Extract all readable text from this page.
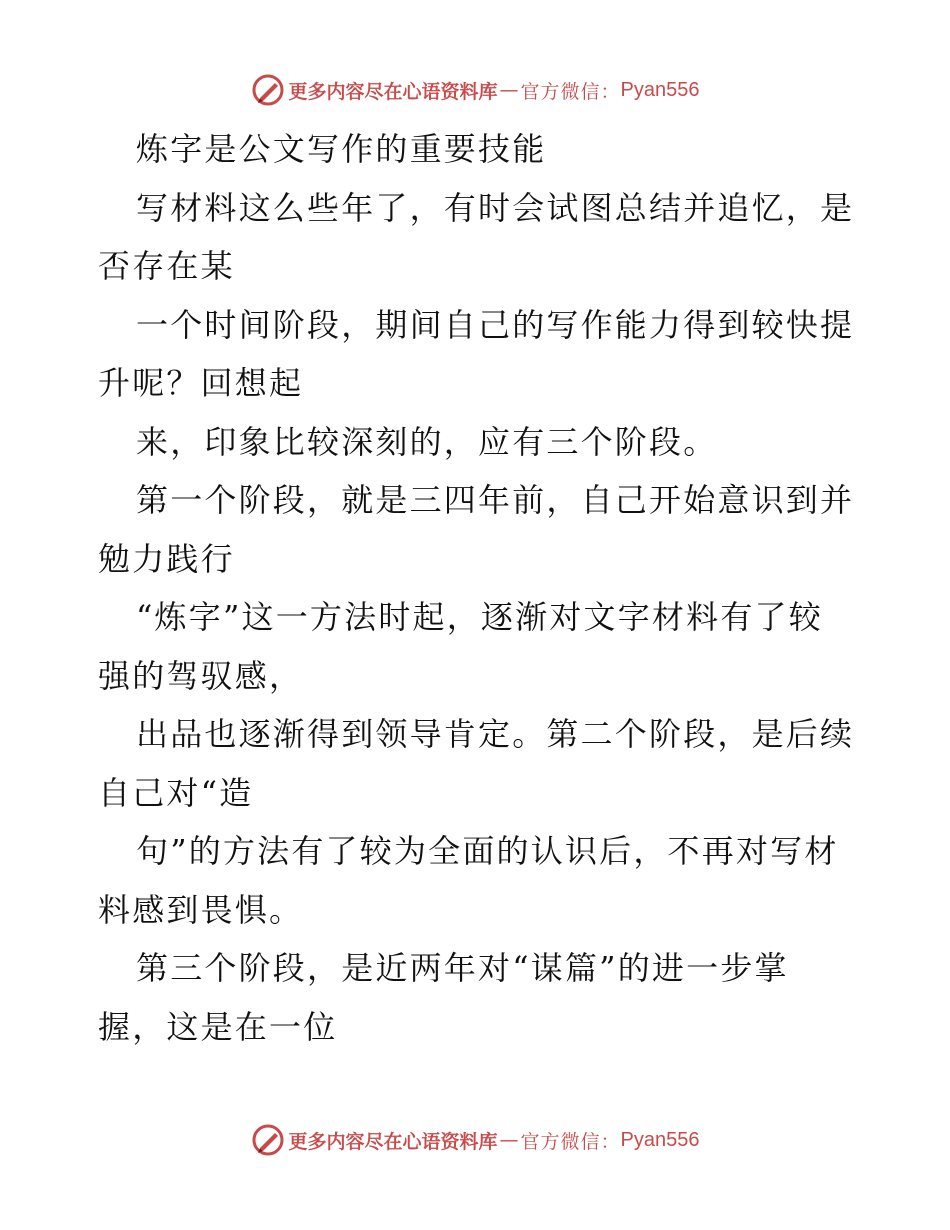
更多内容尽在心语资料库 — 官方微信： Pyan556
炼字是公文写作的重要技能
写材料这么些年了，有时会试图总结并追忆，是
否存在某
一个时间阶段，期间自己的写作能力得到较快提
升呢？回想起
来，印象比较深刻的，应有三个阶段。
第一个阶段，就是三四年前，自己开始意识到并
勉力践行
“炼字”这一方法时起，逐渐对文字材料有了较
强的驾驭感，
出品也逐渐得到领导肯定。第二个阶段，是后续
自己对“造
句”的方法有了较为全面的认识后，不再对写材
料感到畏惧。
第三个阶段，是近两年对“谋篇”的进一步掌
握，这是在一位
更多内容尽在心语资料库 — 官方微信： Pyan556
